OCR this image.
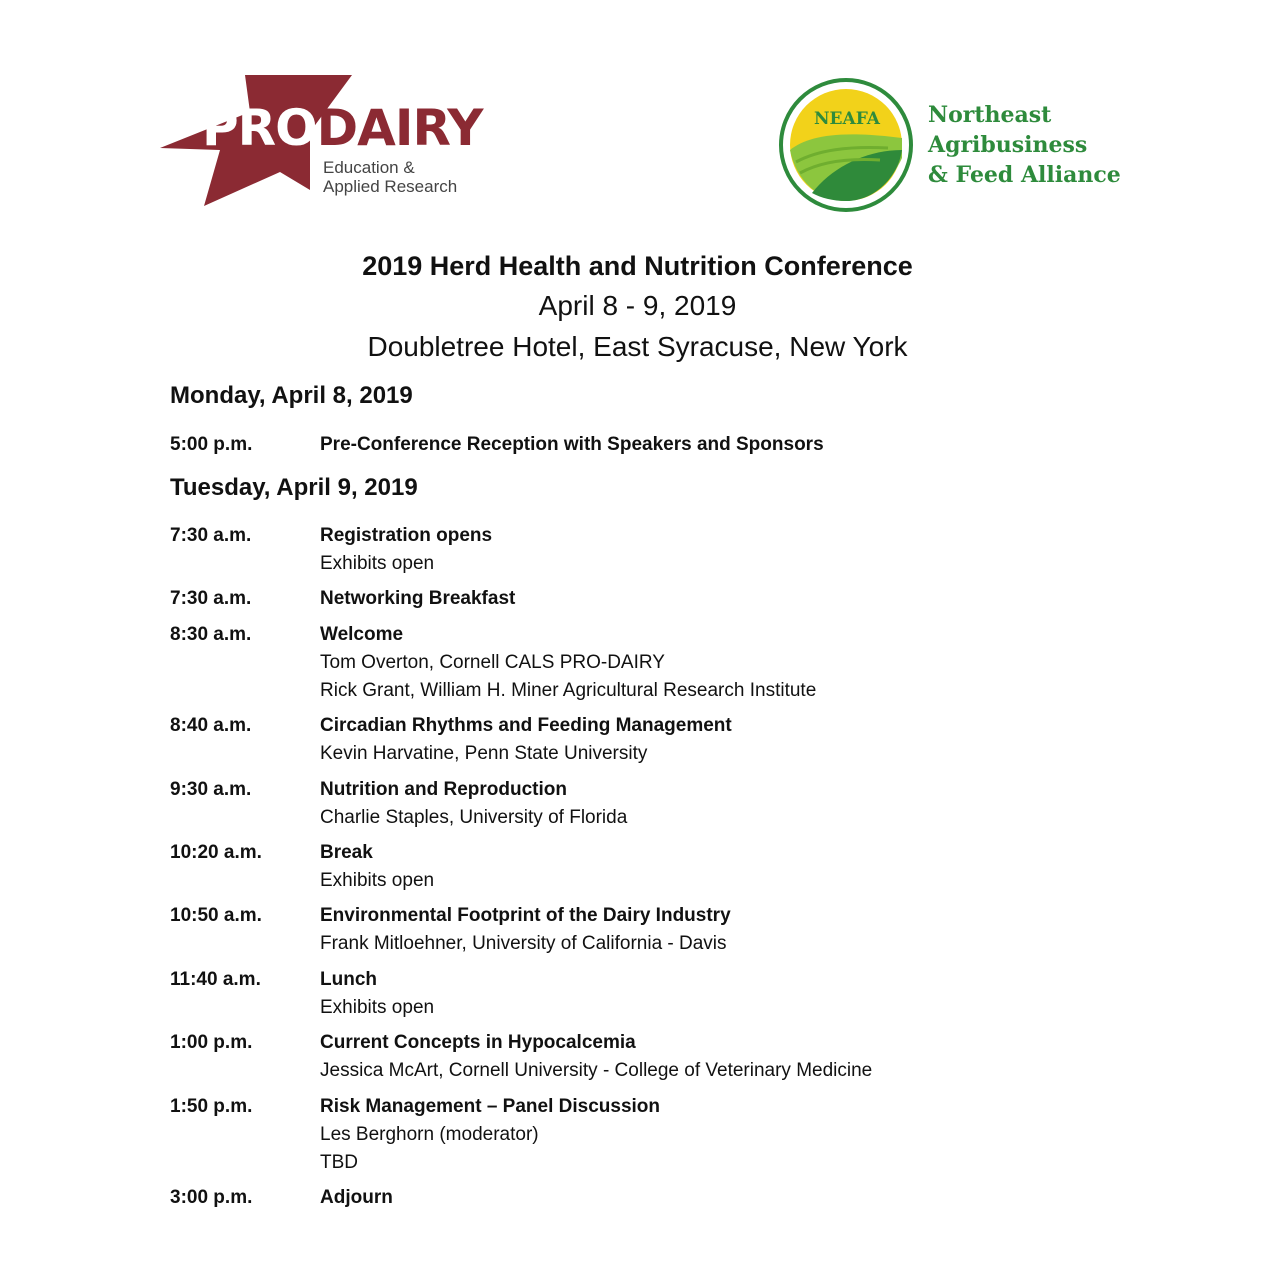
PRODAIRY
Education &
Applied Research
NEAFA Northeast
Agribusiness
& Feed Alliance
2019 Herd Health and Nutrition Conference
April 8 - 9, 2019
Doubletree Hotel, East Syracuse, New York
Monday, April 8, 2019
5:00 p.m.	Pre-Conference Reception with Speakers and Sponsors
Tuesday, April 9, 2019
7:30 a.m.	Registration opens
Exhibits open
7:30 a.m.	Networking Breakfast
8:30 a.m.	Welcome
Tom Overton, Cornell CALS PRO-DAIRY
Rick Grant, William H. Miner Agricultural Research Institute
8:40 a.m.	Circadian Rhythms and Feeding Management
Kevin Harvatine, Penn State University
9:30 a.m.	Nutrition and Reproduction
Charlie Staples, University of Florida
10:20 a.m.	Break
Exhibits open
10:50 a.m.	Environmental Footprint of the Dairy Industry
Frank Mitloehner, University of California - Davis
11:40 a.m.	Lunch
Exhibits open
1:00 p.m.	Current Concepts in Hypocalcemia
Jessica McArt, Cornell University - College of Veterinary Medicine
1:50 p.m.	Risk Management – Panel Discussion
Les Berghorn (moderator)
TBD
3:00 p.m.	Adjourn
